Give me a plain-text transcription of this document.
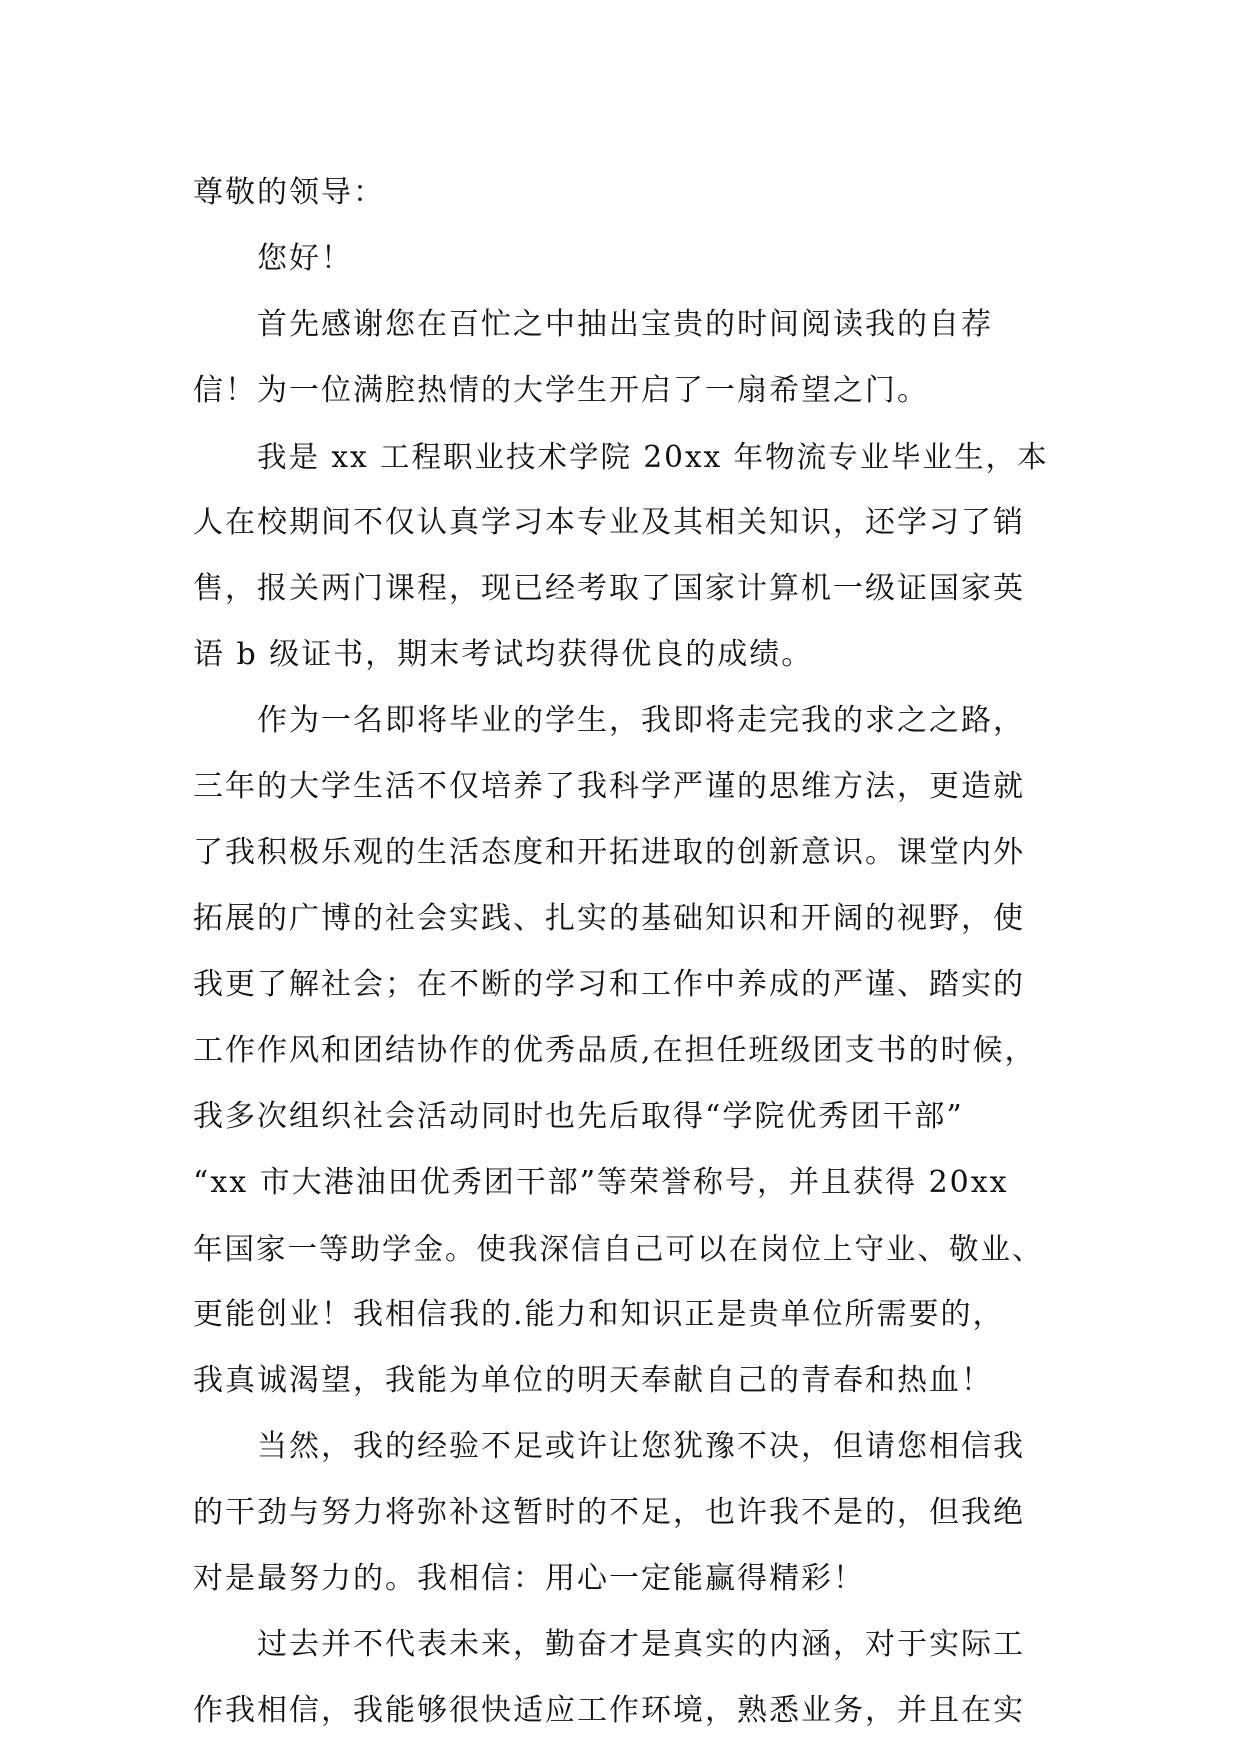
尊敬的领导：
您好！
首先感谢您在百忙之中抽出宝贵的时间阅读我的自荐
信！为一位满腔热情的大学生开启了一扇希望之门。
我是 xx 工程职业技术学院 20xx 年物流专业毕业生，本
人在校期间不仅认真学习本专业及其相关知识，还学习了销
售，报关两门课程，现已经考取了国家计算机一级证国家英
语 b 级证书，期末考试均获得优良的成绩。
作为一名即将毕业的学生，我即将走完我的求之之路，
三年的大学生活不仅培养了我科学严谨的思维方法，更造就
了我积极乐观的生活态度和开拓进取的创新意识。课堂内外
拓展的广博的社会实践、扎实的基础知识和开阔的视野，使
我更了解社会；在不断的学习和工作中养成的严谨、踏实的
工作作风和团结协作的优秀品质,在担任班级团支书的时候，
我多次组织社会活动同时也先后取得“学院优秀团干部”
“xx 市大港油田优秀团干部”等荣誉称号，并且获得 20xx
年国家一等助学金。使我深信自己可以在岗位上守业、敬业、
更能创业！我相信我的.能力和知识正是贵单位所需要的，
我真诚渴望，我能为单位的明天奉献自己的青春和热血！
当然，我的经验不足或许让您犹豫不决，但请您相信我
的干劲与努力将弥补这暂时的不足，也许我不是的，但我绝
对是最努力的。我相信：用心一定能赢得精彩！
过去并不代表未来，勤奋才是真实的内涵，对于实际工
作我相信，我能够很快适应工作环境，熟悉业务，并且在实
